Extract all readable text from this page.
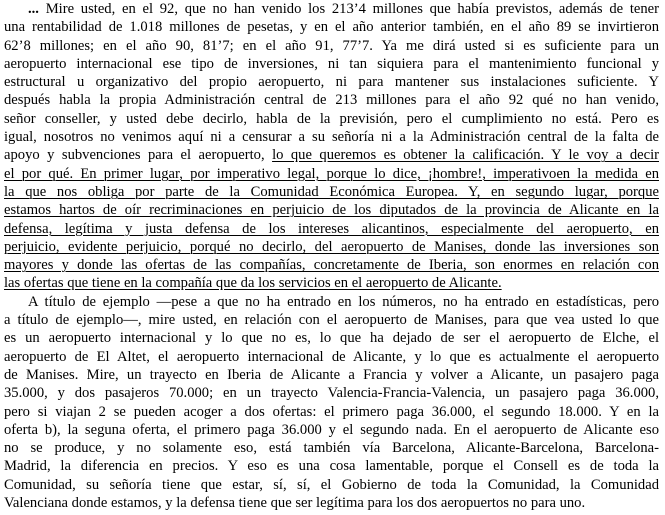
... Mire usted, en el 92, que no han venido los 213’4 millones que había previstos, además de tener
una rentabilidad de 1.018 millones de pesetas, y en el año anterior también, en el año 89 se invirtieron
62’8 millones; en el año 90, 81’7; en el año 91, 77’7. Ya me dirá usted si es suficiente para un
aeropuerto internacional ese tipo de inversiones, ni tan siquiera para el mantenimiento funcional y
estructural u organizativo del propio aeropuerto, ni para mantener sus instalaciones suficiente. Y
después habla la propia Administración central de 213 millones para el año 92 qué no han venido,
señor conseller, y usted debe decirlo, habla de la previsión, pero el cumplimiento no está. Pero es
igual, nosotros no venimos aquí ni a censurar a su señoría ni a la Administración central de la falta de
apoyo y subvenciones para el aeropuerto, lo que queremos es obtener la calificación. Y le voy a decir
el por qué. En primer lugar, por imperativo legal, porque lo dice, ¡hombre!, imperativoen la medida en
la que nos obliga por parte de la Comunidad Económica Europea. Y, en segundo lugar, porque
estamos hartos de oír recriminaciones en perjuicio de los diputados de la provincia de Alicante en la
defensa, legítima y justa defensa de los intereses alicantinos, especialmente del aeropuerto, en
perjuicio, evidente perjuicio, porqué no decirlo, del aeropuerto de Manises, donde las inversiones son
mayores y donde las ofertas de las compañías, concretamente de Iberia, son enormes en relación con
las ofertas que tiene en la compañía que da los servicios en el aeropuerto de Alicante.
A título de ejemplo —pese a que no ha entrado en los números, no ha entrado en estadísticas, pero
a título de ejemplo—, mire usted, en relación con el aeropuerto de Manises, para que vea usted lo que
es un aeropuerto internacional y lo que no es, lo que ha dejado de ser el aeropuerto de Elche, el
aeropuerto de El Altet, el aeropuerto internacional de Alicante, y lo que es actualmente el aeropuerto
de Manises. Mire, un trayecto en Iberia de Alicante a Francia y volver a Alicante, un pasajero paga
35.000, y dos pasajeros 70.000; en un trayecto Valencia-Francia-Valencia, un pasajero paga 36.000,
pero si viajan 2 se pueden acoger a dos ofertas: el primero paga 36.000, el segundo 18.000. Y en la
oferta b), la seguna oferta, el primero paga 36.000 y el segundo nada. En el aeropuerto de Alicante eso
no se produce, y no solamente eso, está también vía Barcelona, Alicante-Barcelona, Barcelona-
Madrid, la diferencia en precios. Y eso es una cosa lamentable, porque el Consell es de toda la
Comunidad, su señoría tiene que estar, sí, sí, el Gobierno de toda la Comunidad, la Comunidad
Valenciana donde estamos, y la defensa tiene que ser legítima para los dos aeropuertos no para uno.
